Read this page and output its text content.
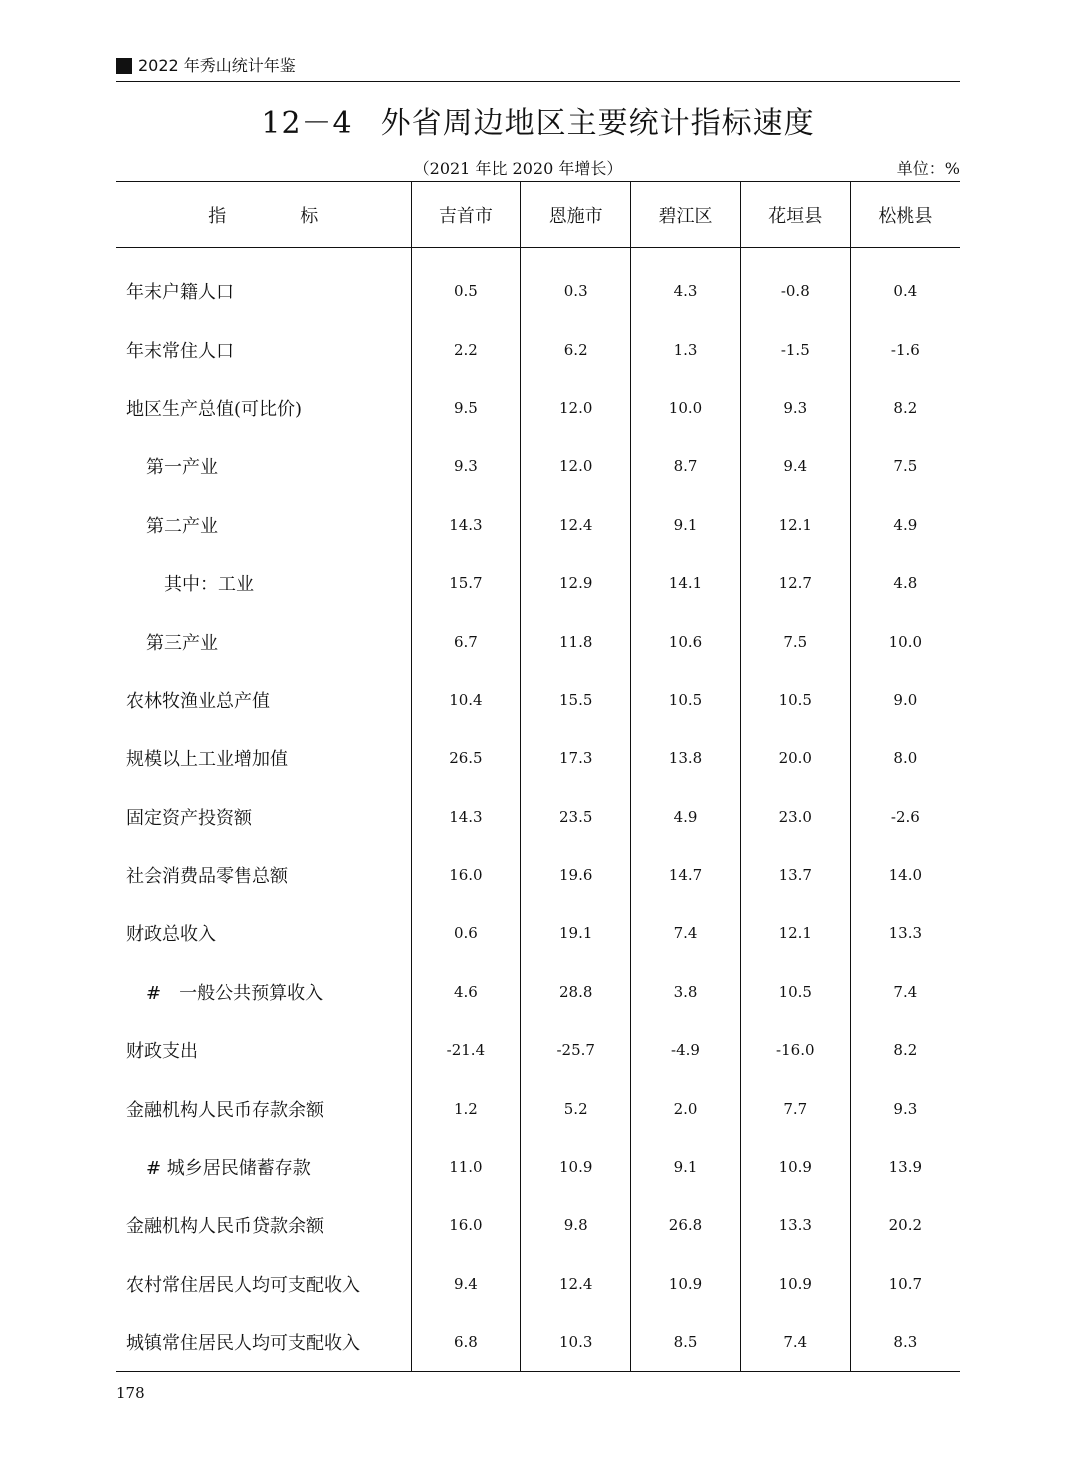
2022 年秀山统计年鉴
12－4 外省周边地区主要统计指标速度
（2021 年比 2020 年增长）	单位：%
指 标	吉首市	恩施市	碧江区	花垣县	松桃县
年末户籍人口	0.5	0.3	4.3	-0.8	0.4
年末常住人口	2.2	6.2	1.3	-1.5	-1.6
地区生产总值(可比价)	9.5	12.0	10.0	9.3	8.2
第一产业	9.3	12.0	8.7	9.4	7.5
第二产业	14.3	12.4	9.1	12.1	4.9
其中：工业	15.7	12.9	14.1	12.7	4.8
第三产业	6.7	11.8	10.6	7.5	10.0
农林牧渔业总产值	10.4	15.5	10.5	10.5	9.0
规模以上工业增加值	26.5	17.3	13.8	20.0	8.0
固定资产投资额	14.3	23.5	4.9	23.0	-2.6
社会消费品零售总额	16.0	19.6	14.7	13.7	14.0
财政总收入	0.6	19.1	7.4	12.1	13.3
#　一般公共预算收入	4.6	28.8	3.8	10.5	7.4
财政支出	-21.4	-25.7	-4.9	-16.0	8.2
金融机构人民币存款余额	1.2	5.2	2.0	7.7	9.3
# 城乡居民储蓄存款	11.0	10.9	9.1	10.9	13.9
金融机构人民币贷款余额	16.0	9.8	26.8	13.3	20.2
农村常住居民人均可支配收入	9.4	12.4	10.9	10.9	10.7
城镇常住居民人均可支配收入	6.8	10.3	8.5	7.4	8.3
178
